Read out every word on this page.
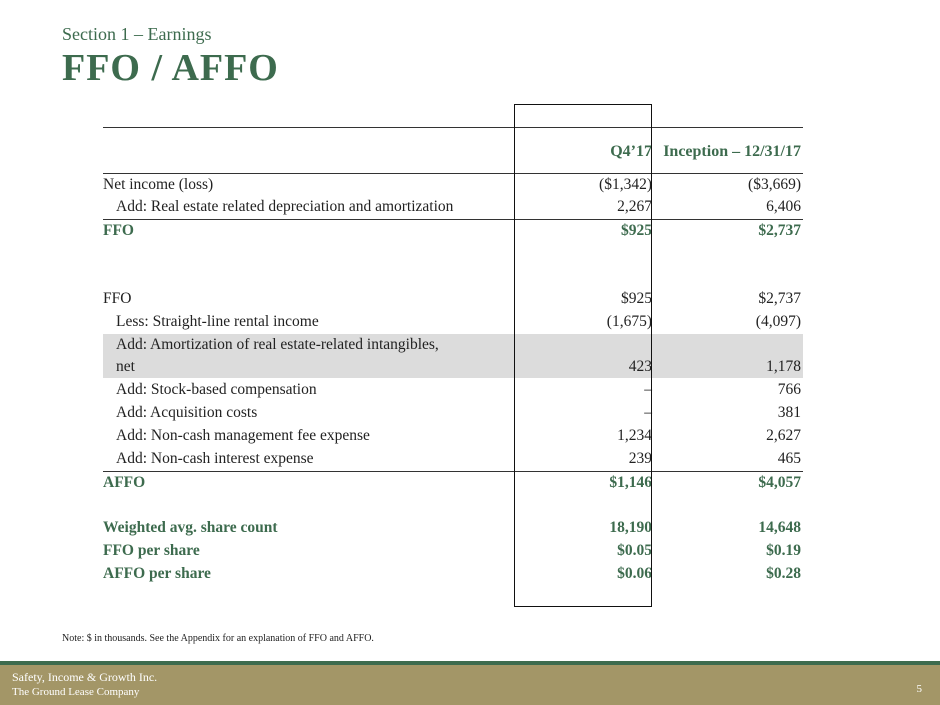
Section 1 – Earnings
FFO / AFFO
Q4’17 Inception – 12/31/17
Net income (loss)	($1,342)	($3,669)
Add: Real estate related depreciation and amortization	2,267	6,406
FFO	$925	$2,737
FFO	$925	$2,737
Less: Straight-line rental income	(1,675)	(4,097)
Add: Amortization of real estate-related intangibles,
net	423	1,178
Add: Stock-based compensation	–	766
Add: Acquisition costs	–	381
Add: Non-cash management fee expense	1,234	2,627
Add: Non-cash interest expense	239	465
AFFO	$1,146	$4,057
Weighted avg. share count	18,190	14,648
FFO per share	$0.05	$0.19
AFFO per share	$0.06	$0.28
Note: $ in thousands. See the Appendix for an explanation of FFO and AFFO.
Safety, Income & Growth Inc.
The Ground Lease Company	5
